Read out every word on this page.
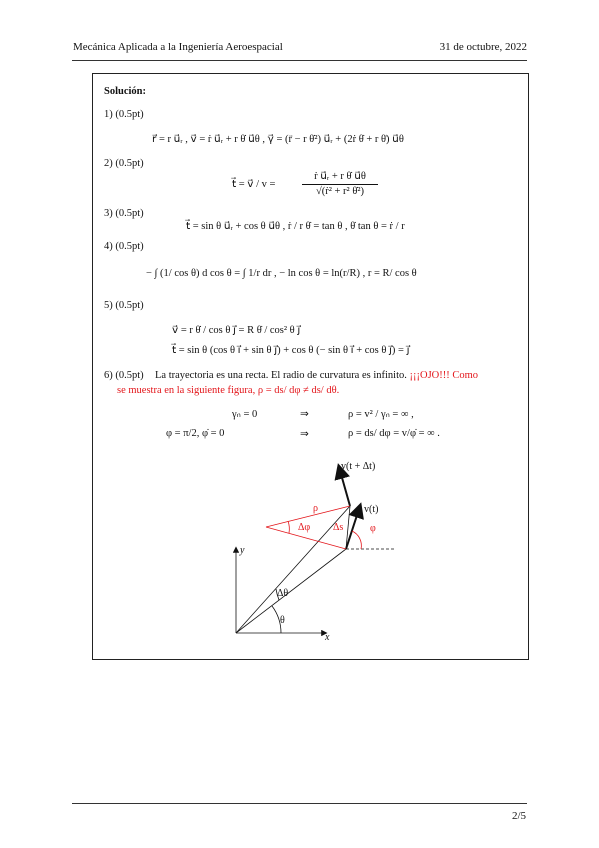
Mecánica Aplicada a la Ingeniería Aeroespacial	31 de octubre, 2022
Solución:
1) (0.5pt)
r⃗ = r u⃗ᵣ , v⃗ = ṙ u⃗ᵣ + r θ̇ u⃗θ , γ⃗ = (r̈ − r θ̇²) u⃗ᵣ + (2ṙ θ̇ + r θ̈) u⃗θ
2) (0.5pt)
t⃗ = v⃗ / v =
ṙ u⃗ᵣ + r θ̇ u⃗θ
√(ṙ² + r² θ̇²)
3) (0.5pt)
t⃗ = sin θ u⃗ᵣ + cos θ u⃗θ , ṙ / r θ̇ = tan θ , θ̇ tan θ = ṙ / r
4) (0.5pt)
− ∫ (1/ cos θ) d cos θ = ∫ 1/r dr , − ln cos θ = ln(r/R) , r = R/ cos θ
5) (0.5pt)
v⃗ = r θ̇ / cos θ j⃗ = R θ̇ / cos² θ j⃗
t⃗ = sin θ (cos θ i⃗ + sin θ j⃗) + cos θ (− sin θ i⃗ + cos θ j⃗) = j⃗
6) (0.5pt) La trayectoria es una recta. El radio de curvatura es infinito. ¡¡¡OJO!!! Como
se muestra en la siguiente figura, ρ = ds/ dφ ≠ ds/ dθ.
γₙ = 0	⇒	ρ = v² / γₙ = ∞ ,
φ = π/2, φ̇ = 0	⇒	ρ = ds/ dφ = v/φ̇ = ∞ .
v(t + Δt)
v(t)
ρ
Δφ Δs	φ
Δθ
θ
x
y
2/5
